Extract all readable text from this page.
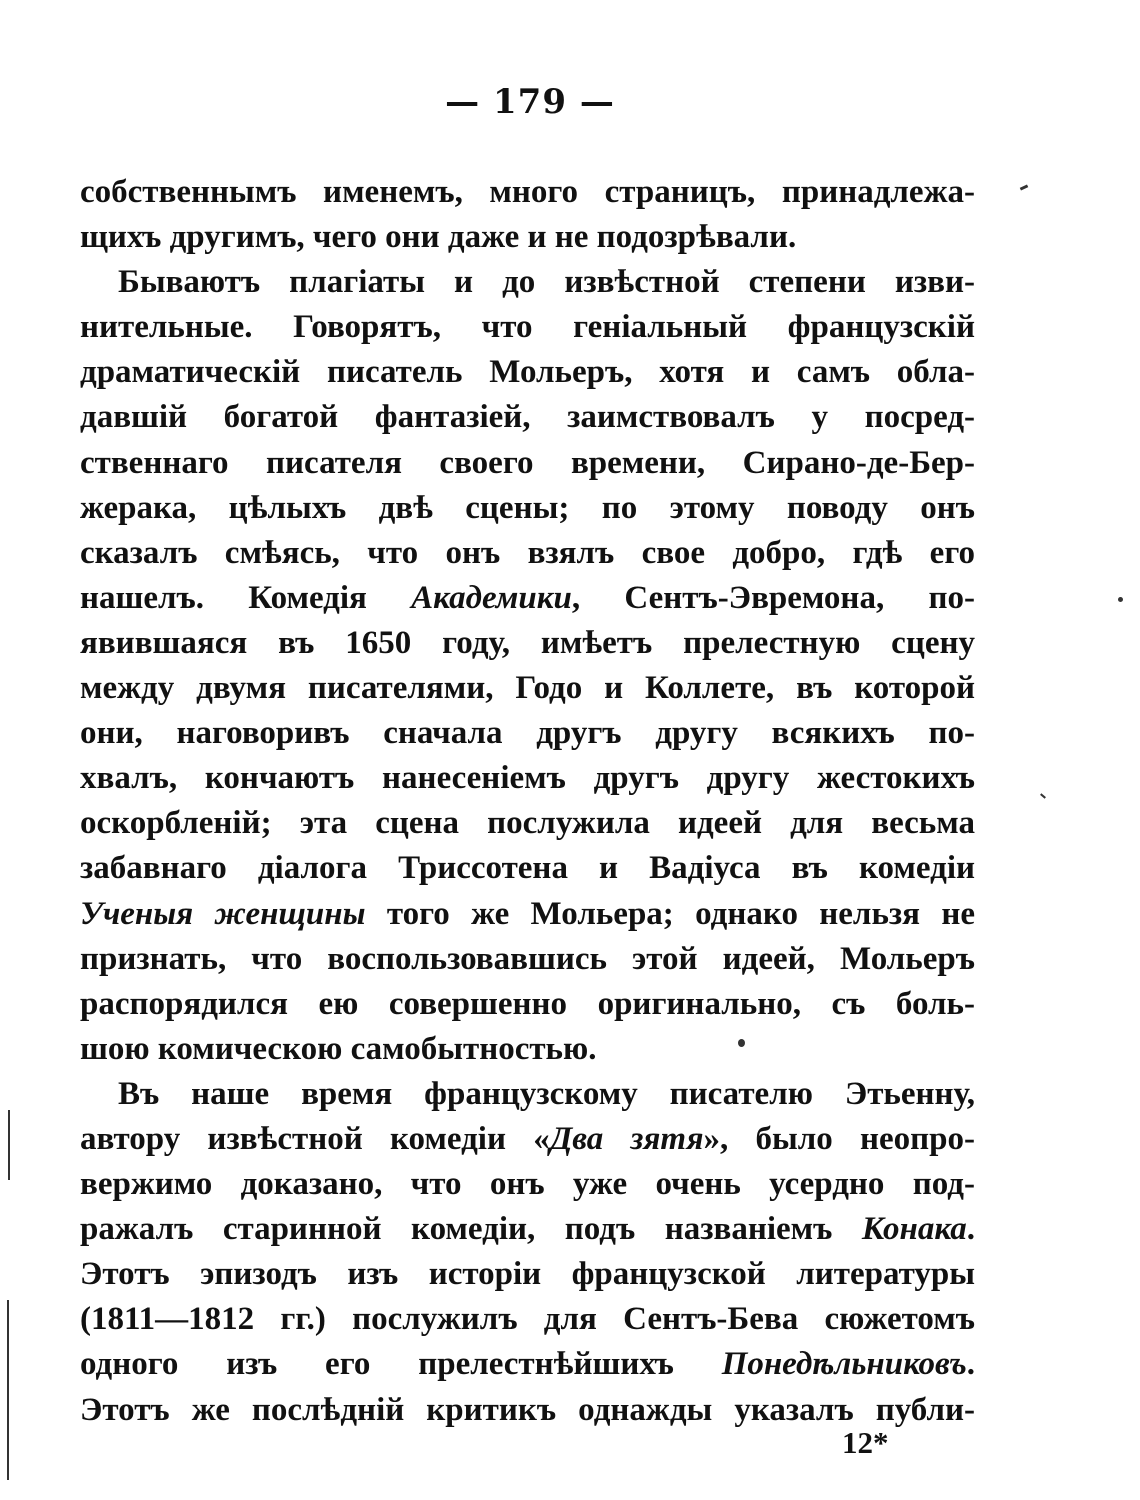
— 179 —
собственнымъ именемъ, много страницъ, принадлежа-
щихъ другимъ, чего они даже и не подозрѣвали.
Бываютъ плагіаты и до извѣстной степени изви-
нительные. Говорятъ, что геніальный французскій
драматическій писатель Мольеръ, хотя и самъ обла-
давшій богатой фантазіей, заимствовалъ у посред-
ственнаго писателя своего времени, Сирано-де-Бер-
жерака, цѣлыхъ двѣ сцены; по этому поводу онъ
сказалъ смѣясь, что онъ взялъ свое добро, гдѣ его
нашелъ. Комедія Академики, Сентъ-Эвремона, по-
явившаяся въ 1650 году, имѣетъ прелестную сцену
между двумя писателями, Годо и Коллете, въ которой
они, наговоривъ сначала другъ другу всякихъ по-
хвалъ, кончаютъ нанесеніемъ другъ другу жестокихъ
оскорбленій; эта сцена послужила идеей для весьма
забавнаго діалога Триссотена и Вадіуса въ комедіи
Ученыя женщины того же Мольера; однако нельзя не
признать, что воспользовавшись этой идеей, Мольеръ
распорядился ею совершенно оригинально, съ боль-
шою комическою самобытностью.
Въ наше время французскому писателю Этьенну,
автору извѣстной комедіи «Два зятя», было неопро-
вержимо доказано, что онъ уже очень усердно под-
ражалъ старинной комедіи, подъ названіемъ Конака.
Этотъ эпизодъ изъ исторіи французской литературы
(1811—1812 гг.) послужилъ для Сентъ-Бева сюжетомъ
одного изъ его прелестнѣйшихъ Понедѣльниковъ.
Этотъ же послѣдній критикъ однажды указалъ публи-
12*
